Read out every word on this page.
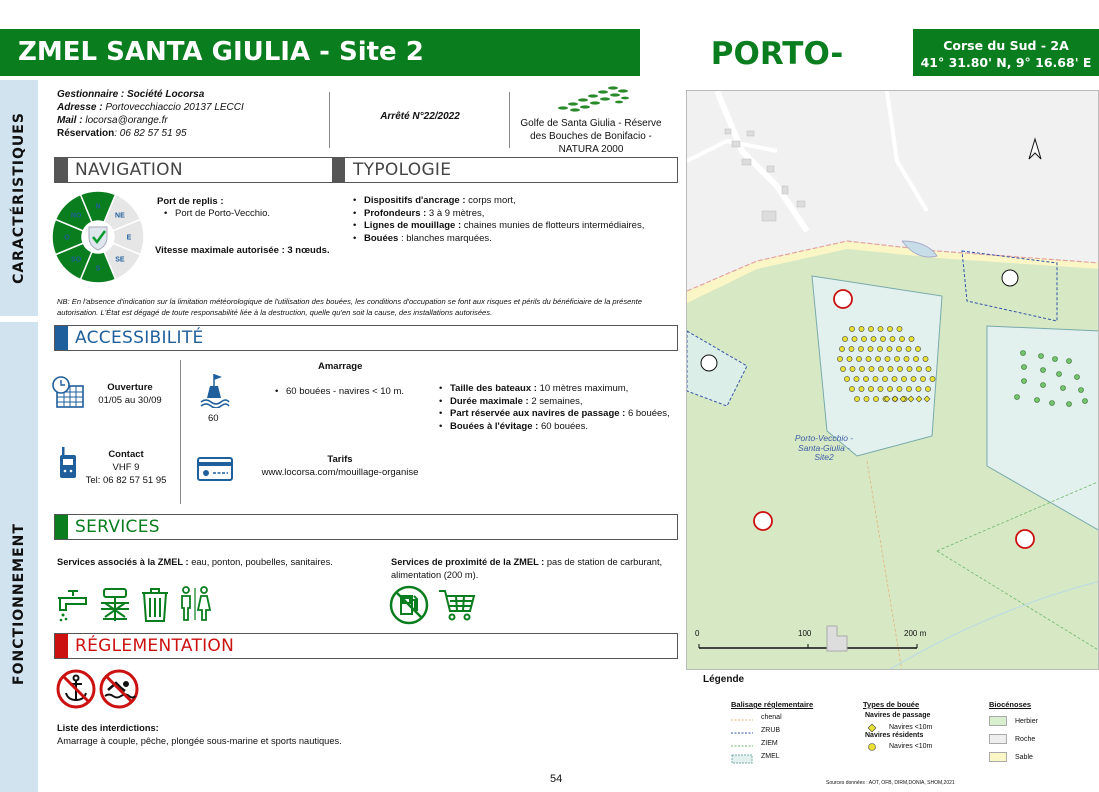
ZMEL SANTA GIULIA - Site 2	PORTO-	Corse du Sud - 2A
41° 31.80' N, 9° 16.68' E
CARACTÉRISTIQUES
FONCTIONNEMENT
Gestionnaire : Société Locorsa
Adresse : Portovecchiaccio 20137 LECCI
Mail : locorsa@orange.fr
Réservation: 06 82 57 51 95
Arrêté N°22/2022
Golfe de Santa Giulia - Réserve des Bouches de Bonifacio - NATURA 2000
NAVIGATION	TYPOLOGIE
N
NE
E
SE
S
SO
O
NO
Port de replis :
• Port de Porto-Vecchio.
Vitesse maximale autorisée : 3 nœuds.
• Dispositifs d'ancrage : corps mort,
• Profondeurs : 3 à 9 mètres,
• Lignes de mouillage : chaines munies de flotteurs intermédiaires,
• Bouées : blanches marquées.
NB: En l'absence d'indication sur la limitation météorologique de l'utilisation des bouées, les conditions d'occupation se font aux risques et périls du bénéficiaire de la présente autorisation. L'État est dégagé de toute responsabilité liée à la destruction, quelle qu'en soit la cause, des installations autorisées.
ACCESSIBILITÉ
Ouverture
01/05 au 30/09
Amarrage
60
• 60 bouées - navires < 10 m.
•	Taille des bateaux : 10 mètres maximum,
• Durée maximale : 2 semaines,
• Part réservée aux navires de passage : 6 bouées,
• Bouées à l'évitage : 60 bouées.
Contact
VHF 9
Tel: 06 82 57 51 95
Tarifs
www.locorsa.com/mouillage-organise
SERVICES
Services associés à la ZMEL : eau, ponton, poubelles, sanitaires.	Services de proximité de la ZMEL : pas de station de carburant, alimentation (200 m).
RÉGLEMENTATION
Liste des interdictions:
Amarrage à couple, pêche, plongée sous-marine et sports nautiques.
54
Porto-Vecchio - Santa-Giulia - Site2
0	100	200 m
Légende
Balisage réglementaire
chenal
ZRUB
ZIEM
ZMEL
Types de bouée
Navires de passage
Navires <10m
Navires résidents
Navires <10m
Biocénoses
Herbier
Roche
Sable
Sources données : AOT, OFB, DIRM,DONIA, SHOM,2021
